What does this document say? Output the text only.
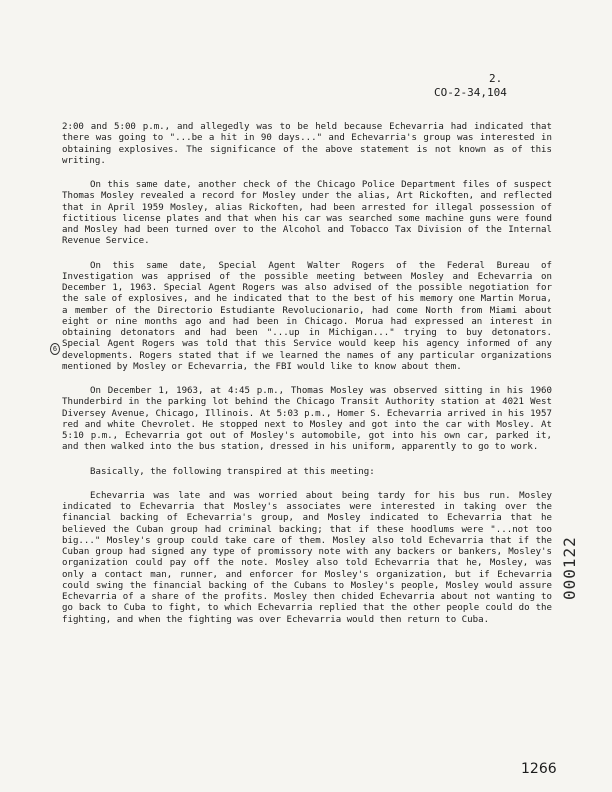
2.
CO-2-34,104

2:00 and 5:00 p.m., and allegedly was to be held because Echevarria had indicated that there was going to "...be a hit in 90 days..." and Echevarria's group was interested in obtaining explosives. The significance of the above statement is not known as of this writing.

On this same date, another check of the Chicago Police Department files of suspect Thomas Mosley revealed a record for Mosley under the alias, Art Rickoften, and reflected that in April 1959 Mosley, alias Rickoften, had been arrested for illegal possession of fictitious license plates and that when his car was searched some machine guns were found and Mosley had been turned over to the Alcohol and Tobacco Tax Division of the Internal Revenue Service.

On this same date, Special Agent Walter Rogers of the Federal Bureau of Investigation was apprised of the possible meeting between Mosley and Echevarria on December 1, 1963. Special Agent Rogers was also advised of the possible negotiation for the sale of explosives, and he indicated that to the best of his memory one Martin Morua, a member of the Directorio Estudiante Revolucionario, had come North from Miami about eight or nine months ago and had been in Chicago. Morua had expressed an interest in obtaining detonators and had been "...up in Michigan..." trying to buy detonators. Special Agent Rogers was told that this Service would keep his agency informed of any developments. Rogers stated that if we learned the names of any particular organizations mentioned by Mosley or Echevarria, the FBI would like to know about them.

On December 1, 1963, at 4:45 p.m., Thomas Mosley was observed sitting in his 1960 Thunderbird in the parking lot behind the Chicago Transit Authority station at 4021 West Diversey Avenue, Chicago, Illinois. At 5:03 p.m., Homer S. Echevarria arrived in his 1957 red and white Chevrolet. He stopped next to Mosley and got into the car with Mosley. At 5:10 p.m., Echevarria got out of Mosley's automobile, got into his own car, parked it, and then walked into the bus station, dressed in his uniform, apparently to go to work.

Basically, the following transpired at this meeting:

Echevarria was late and was worried about being tardy for his bus run. Mosley indicated to Echevarria that Mosley's associates were interested in taking over the financial backing of Echevarria's group, and Mosley indicated to Echevarria that he believed the Cuban group had criminal backing; that if these hoodlums were "...not too big..." Mosley's group could take care of them. Mosley also told Echevarria that if the Cuban group had signed any type of promissory note with any backers or bankers, Mosley's organization could pay off the note. Mosley also told Echevarria that he, Mosley, was only a contact man, runner, and enforcer for Mosley's organization, but if Echevarria could swing the financial backing of the Cubans to Mosley's people, Mosley would assure Echevarria of a share of the profits. Mosley then chided Echevarria about not wanting to go back to Cuba to fight, to which Echevarria replied that the other people could do the fighting, and when the fighting was over Echevarria would then return to Cuba.

6
000122
1266
